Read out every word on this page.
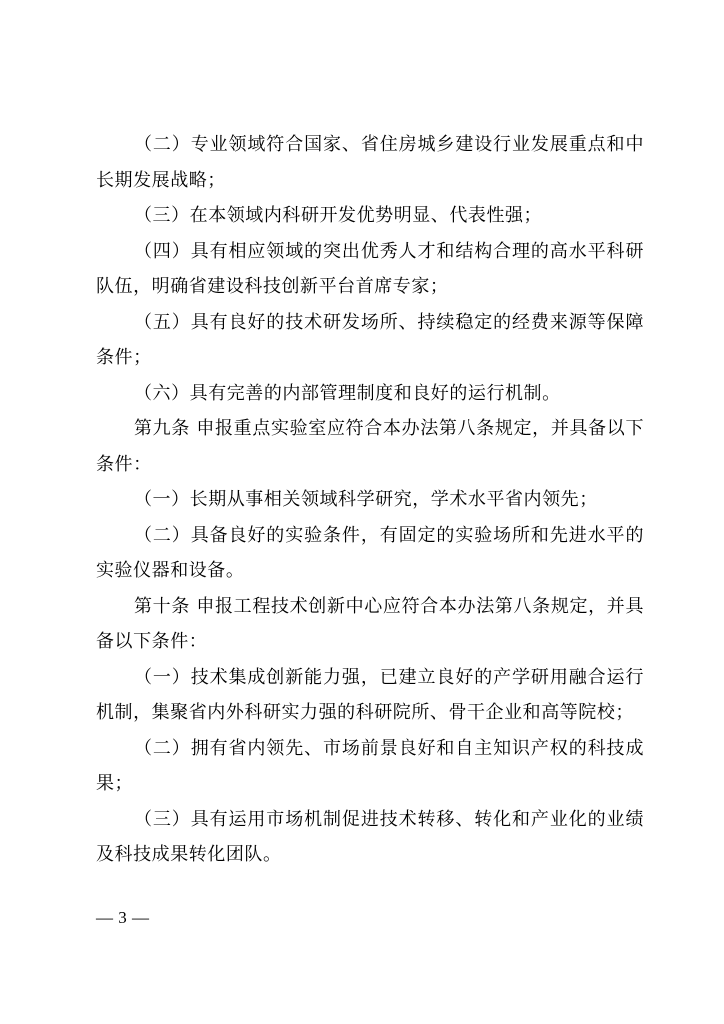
（二）专业领域符合国家、省住房城乡建设行业发展重点和中长期发展战略；

（三）在本领域内科研开发优势明显、代表性强；

（四）具有相应领域的突出优秀人才和结构合理的高水平科研队伍，明确省建设科技创新平台首席专家；

（五）具有良好的技术研发场所、持续稳定的经费来源等保障条件；

（六）具有完善的内部管理制度和良好的运行机制。

第九条 申报重点实验室应符合本办法第八条规定，并具备以下条件：

（一）长期从事相关领域科学研究，学术水平省内领先；

（二）具备良好的实验条件，有固定的实验场所和先进水平的实验仪器和设备。

第十条 申报工程技术创新中心应符合本办法第八条规定，并具备以下条件：

（一）技术集成创新能力强，已建立良好的产学研用融合运行机制，集聚省内外科研实力强的科研院所、骨干企业和高等院校；

（二）拥有省内领先、市场前景良好和自主知识产权的科技成果；

（三）具有运用市场机制促进技术转移、转化和产业化的业绩及科技成果转化团队。

— 3 —
